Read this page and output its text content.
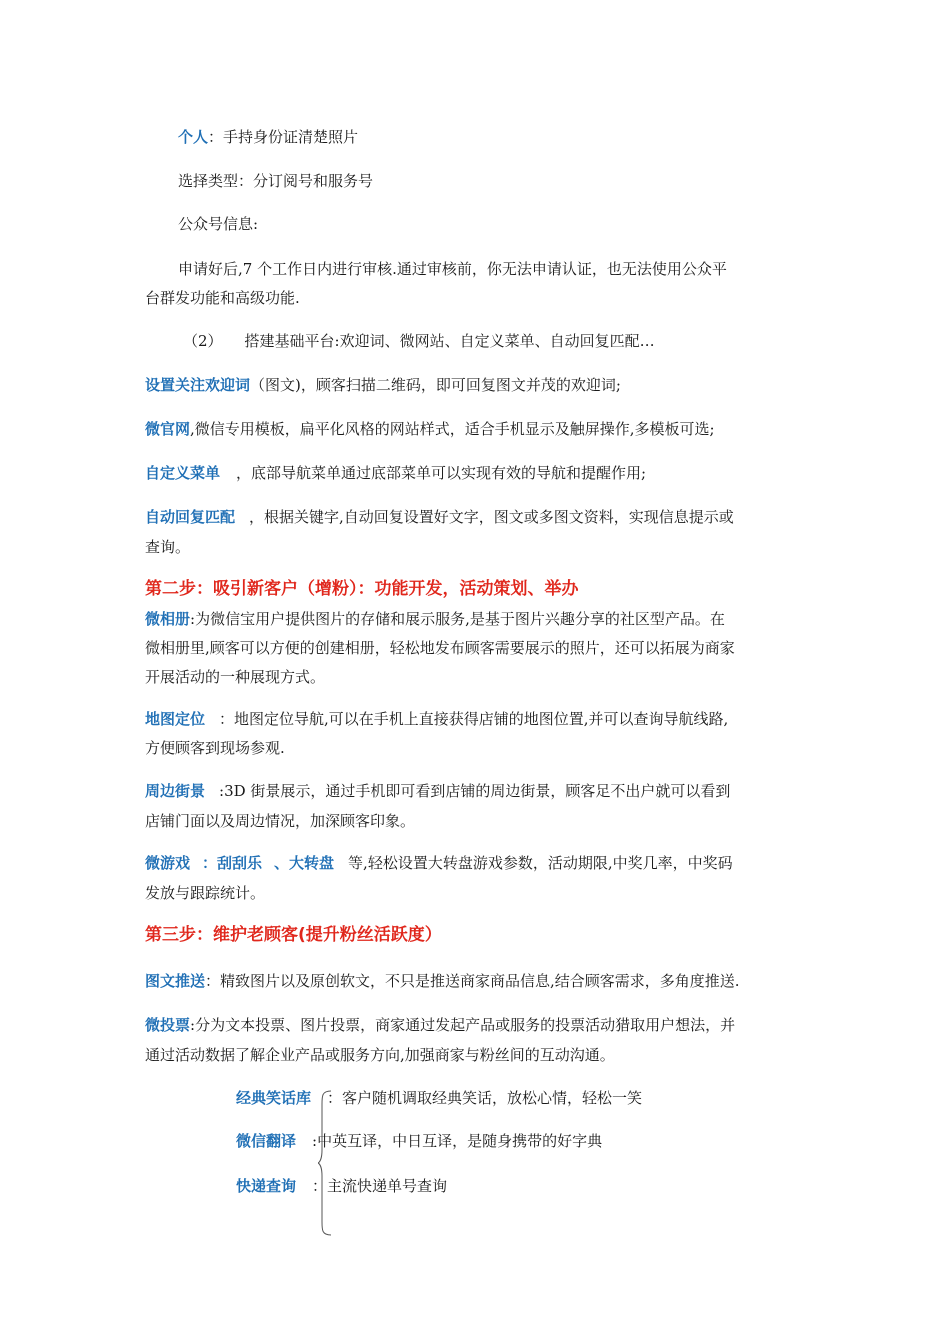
个人：手持身份证清楚照片
选择类型：分订阅号和服务号
公众号信息:
申请好后,7 个工作日内进行审核.通过审核前，你无法申请认证，也无法使用公众平
台群发功能和高级功能.
（2） 搭建基础平台:欢迎词、微网站、自定义菜单、自动回复匹配…
设置关注欢迎词（图文)，顾客扫描二维码，即可回复图文并茂的欢迎词;
微官网,微信专用模板，扁平化风格的网站样式，适合手机显示及触屏操作,多模板可选;
自定义菜单 ，底部导航菜单通过底部菜单可以实现有效的导航和提醒作用;
自动回复匹配 ，根据关键字,自动回复设置好文字，图文或多图文资料，实现信息提示或
查询。
第二步：吸引新客户（增粉）：功能开发，活动策划、举办
微相册:为微信宝用户提供图片的存储和展示服务,是基于图片兴趣分享的社区型产品。在
微相册里,顾客可以方便的创建相册，轻松地发布顾客需要展示的照片，还可以拓展为商家
开展活动的一种展现方式。
地图定位 ：地图定位导航,可以在手机上直接获得店铺的地图位置,并可以查询导航线路,
方便顾客到现场参观.
周边街景 :3D 街景展示，通过手机即可看到店铺的周边街景，顾客足不出户就可以看到
店铺门面以及周边情况，加深顾客印象。
微游戏 ：刮刮乐 、大转盘 等,轻松设置大转盘游戏参数，活动期限,中奖几率，中奖码
发放与跟踪统计。
第三步：维护老顾客(提升粉丝活跃度）
图文推送：精致图片以及原创软文，不只是推送商家商品信息,结合顾客需求，多角度推送.
微投票:分为文本投票、图片投票，商家通过发起产品或服务的投票活动猎取用户想法，并
通过活动数据了解企业产品或服务方向,加强商家与粉丝间的互动沟通。
经典笑话库 ：客户随机调取经典笑话，放松心情，轻松一笑
微信翻译 :中英互译，中日互译，是随身携带的好字典
快递查询 ：主流快递单号查询
